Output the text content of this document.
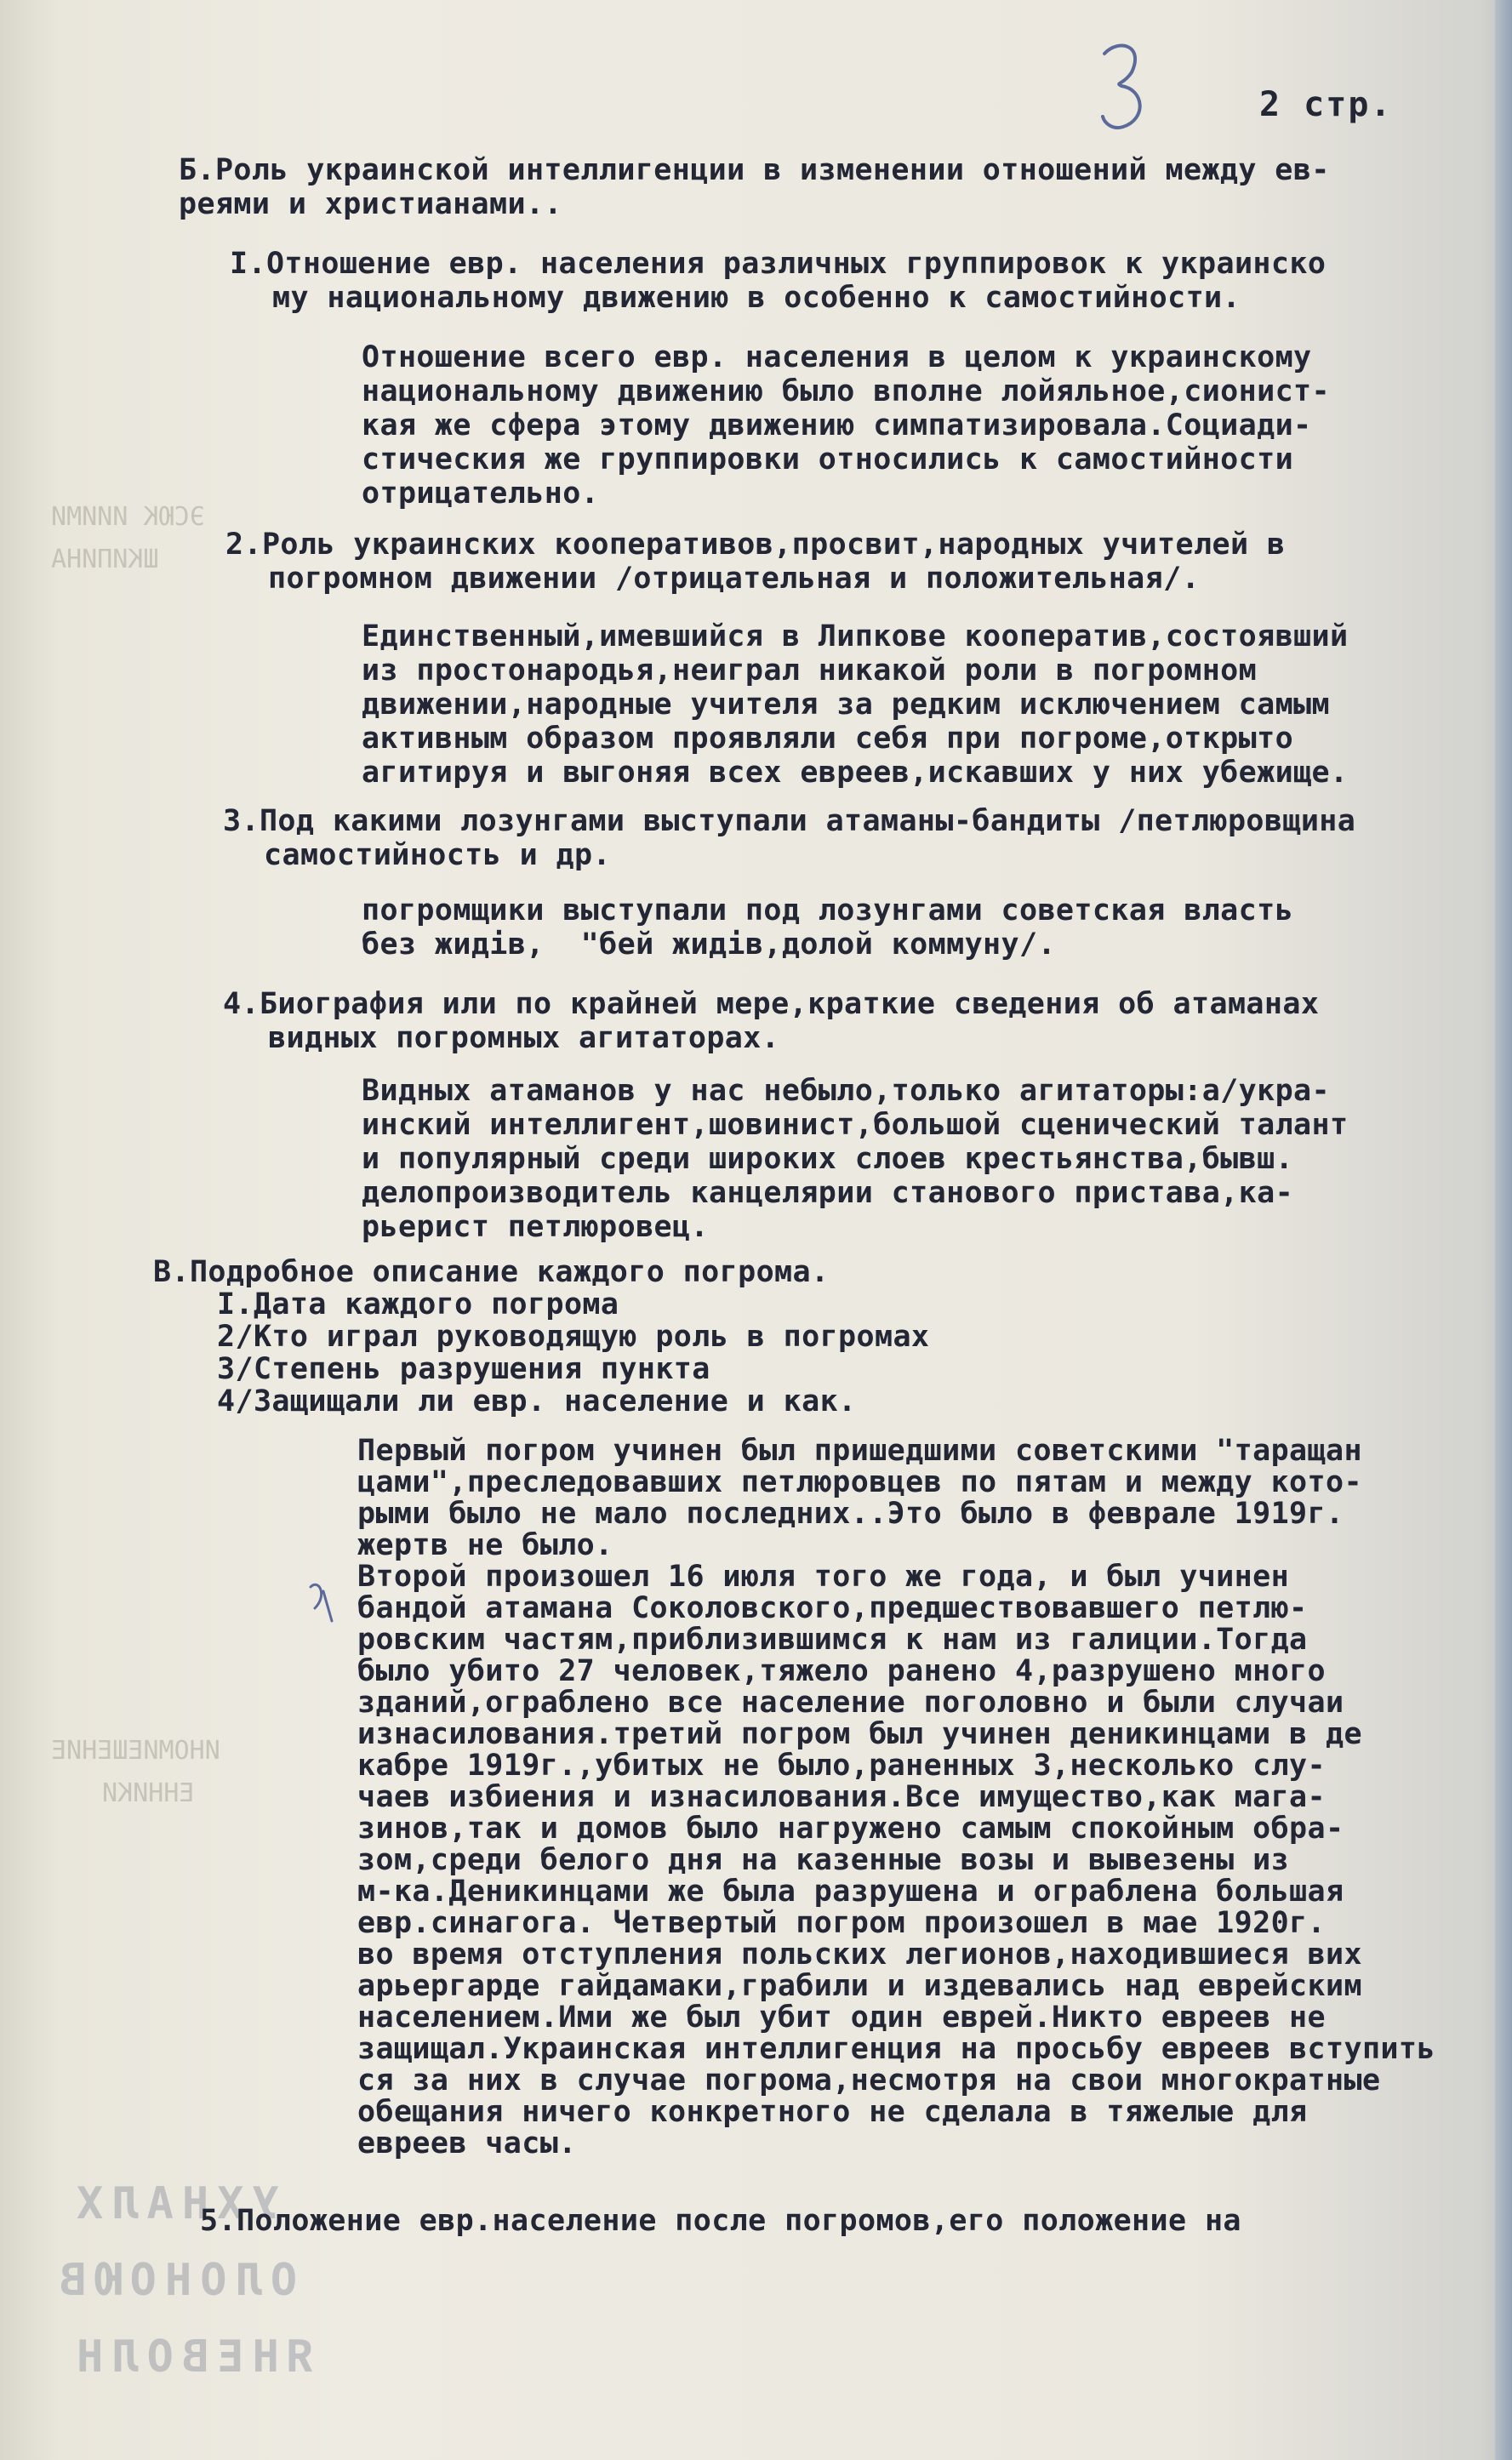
ЭСЮК ИИИМИ
ШКИПИНА
ИНОМИЕШЕНИЕ
ЕННИКИ
УХНАЛХ
ОЛОНОЮВ
ЯНЕВОЛН
2 стр.
Б.Роль украинской интеллигенции в изменении отношений между ев-
реями и христианами..
I.Отношение евр. населения различных группировок к украинско
му национальному движению в особенно к самостийности.
Отношение всего евр. населения в целом к украинскому
национальному движению было вполне лойяльное,сионист-
кая же сфера этому движению симпатизировала.Социади-
стическия же группировки относились к самостийности
отрицательно.
2.Роль украинских кооперативов,просвит,народных учителей в
погромном движении /отрицательная и положительная/.
Единственный,имевшийся в Липкове кооператив,состоявший
из простонародья,неиграл никакой роли в погромном
движении,народные учителя за редким исключением самым
активным образом проявляли себя при погроме,открыто
агитируя и выгоняя всех евреев,искавших у них убежище.
3.Под какими лозунгами выступали атаманы-бандиты /петлюровщина
самостийность и др.
погромщики выступали под лозунгами советская власть
без жидів,  "бей жидів,долой коммуну/.
4.Биография или по крайней мере,краткие сведения об атаманах
видных погромных агитаторах.
Видных атаманов у нас небыло,только агитаторы:а/укра-
инский интеллигент,шовинист,большой сценический талант
и популярный среди широких слоев крестьянства,бывш.
делопроизводитель канцелярии станового пристава,ка-
рьерист петлюровец.
В.Подробное описание каждого погрома.
I.Дата каждого погрома
2/Кто играл руководящую роль в погромах
3/Степень разрушения пункта
4/Защищали ли евр. население и как.
Первый погром учинен был пришедшими советскими "таращан
цами",преследовавших петлюровцев по пятам и между кото-
рыми было не мало последних..Это было в феврале 1919г.
жертв не было.
Второй произошел 16 июля того же года, и был учинен
бандой атамана Соколовского,предшествовавшего петлю-
ровским частям,приблизившимся к нам из галиции.Тогда
было убито 27 человек,тяжело ранено 4,разрушено много
зданий,ограблено все население поголовно и были случаи
изнасилования.третий погром был учинен деникинцами в де
кабре 1919г.,убитых не было,раненных 3,несколько слу-
чаев избиения и изнасилования.Все имущество,как мага-
зинов,так и домов было нагружено самым спокойным обра-
зом,среди белого дня на казенные возы и вывезены из
м-ка.Деникинцами же была разрушена и ограблена большая
евр.синагога. Четвертый погром произошел в мае 1920г.
во время отступления польских легионов,находившиеся вих
арьергарде гайдамаки,грабили и издевались над еврейским
населением.Ими же был убит один еврей.Никто евреев не
защищал.Украинская интеллигенция на просьбу евреев вступить
ся за них в случае погрома,несмотря на свои многократные
обещания ничего конкретного не сделала в тяжелые для
евреев часы.
5.Положение евр.население после погромов,его положение на
